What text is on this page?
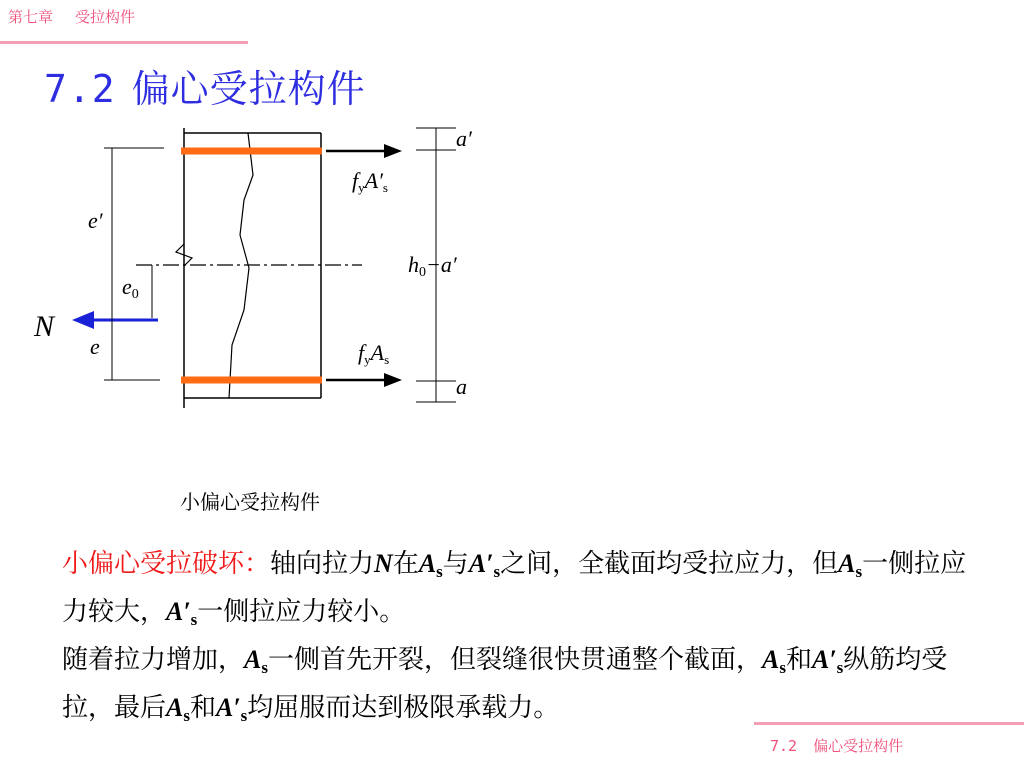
第七章 受拉构件
7.2 偏心受拉构件
a′
a
e′
e0
N
e
h0−a′
fyA′s
fyAs
小偏心受拉构件
小偏心受拉破坏：轴向拉力N在$A_s$与$A'_s$之间，全截面均受拉应力，但$A_s$一侧拉应力较大，$A'_s$一侧拉应力较小。
随着拉力增加，$A_s$一侧首先开裂，但裂缝很快贯通整个截面，$A_s$和$A'_s$纵筋均受拉，最后$A_s$和$A'_s$均屈服而达到极限承载力。
7.2 偏心受拉构件
